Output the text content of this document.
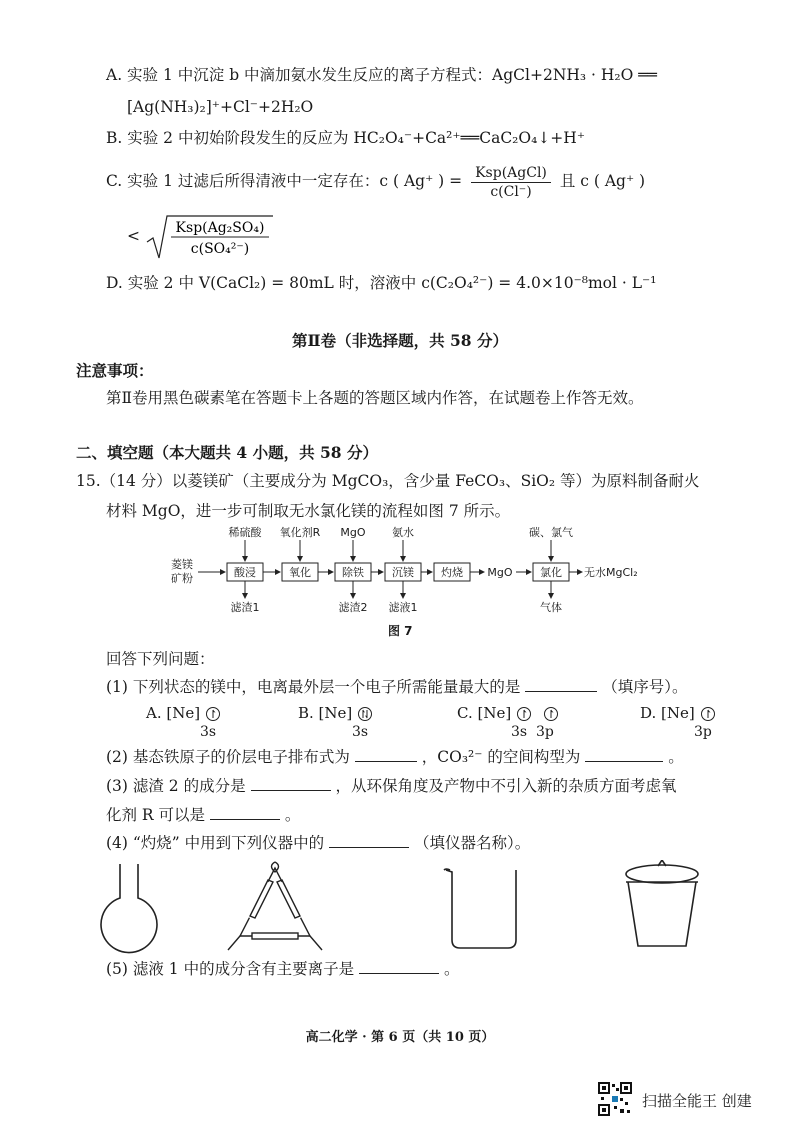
A. 实验 1 中沉淀 b 中滴加氨水发生反应的离子方程式：AgCl+2NH₃ · H₂O ══
[Ag(NH₃)₂]⁺+Cl⁻+2H₂O
B. 实验 2 中初始阶段发生的反应为 HC₂O₄⁻+Ca²⁺══CaC₂O₄↓+H⁺
C. 实验 1 过滤后所得清液中一定存在：c ( Ag⁺ ) = $\frac{\text{Ksp(AgCl)}}{c(Cl^-)}$ 且 c ( Ag⁺ )
<	Ksp(Ag₂SO₄)
c(SO₄²⁻)
D. 实验 2 中 V(CaCl₂) = 80mL 时，溶液中 c(C₂O₄²⁻) = 4.0×10⁻⁸mol · L⁻¹
第Ⅱ卷（非选择题，共 58 分）
注意事项：
第Ⅱ卷用黑色碳素笔在答题卡上各题的答题区域内作答，在试题卷上作答无效。
二、填空题（本大题共 4 小题，共 58 分）
15.（14 分）以菱镁矿（主要成分为 MgCO₃，含少量 FeCO₃、SiO₂ 等）为原料制备耐火
材料 MgO，进一步可制取无水氯化镁的流程如图 7 所示。
菱镁
矿粉	酸浸	氧化	除铁	沉镁 灼烧 MgO 氯化 无水MgCl₂
稀硫酸 氧化剂R MgO 氨水	碳、氯气
滤渣1	滤渣2 滤液1	气体
图 7
回答下列问题：
(1) 下列状态的镁中，电离最外层一个电子所需能量最大的是	（填序号）。
A. [Ne]
3s
B. [Ne]
3s
C. [Ne]
3s  3p
D. [Ne]
3p
(2) 基态铁原子的价层电子排布式为	，CO₃²⁻ 的空间构型为	。
(3) 滤渣 2 的成分是	，从环保角度及产物中不引入新的杂质方面考虑氧
化剂 R 可以是	。
(4) “灼烧” 中用到下列仪器中的	（填仪器名称）。
(5) 滤液 1 中的成分含有主要离子是	。
高二化学 · 第 6 页（共 10 页）
扫描全能王 创建
